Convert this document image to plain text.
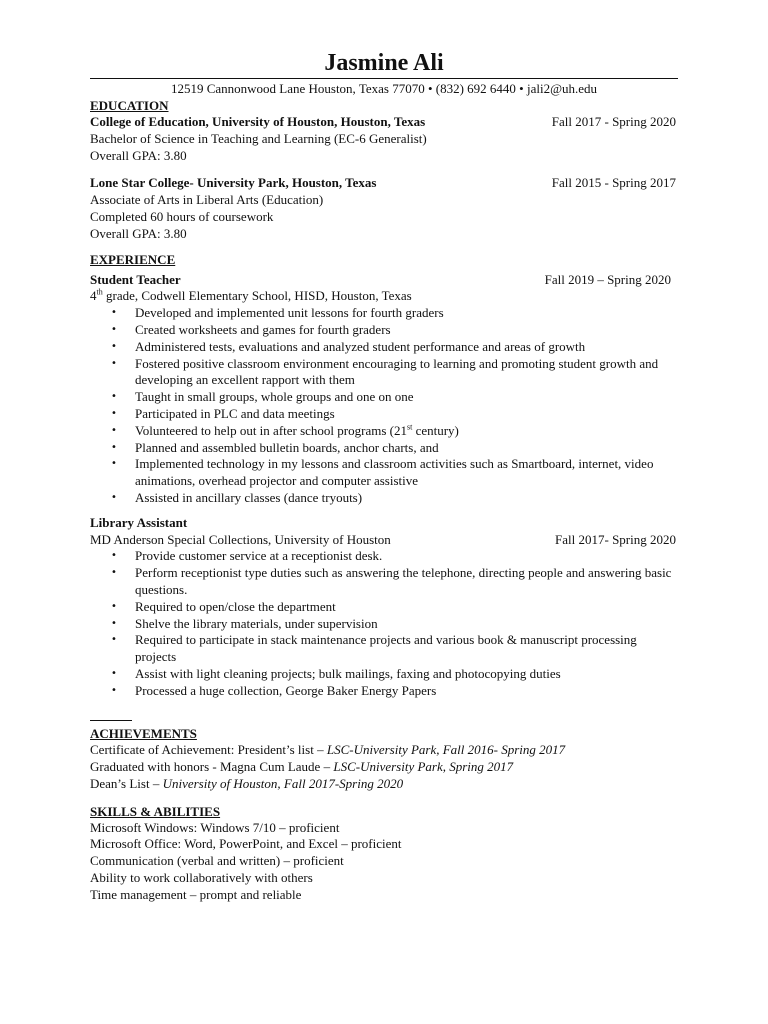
Jasmine Ali
12519 Cannonwood Lane Houston, Texas 77070 • (832) 692 6440 • jali2@uh.edu
EDUCATION
College of Education, University of Houston, Houston, Texas	Fall 2017 - Spring 2020
Bachelor of Science in Teaching and Learning (EC-6 Generalist)
Overall GPA: 3.80
Lone Star College- University Park, Houston, Texas	Fall 2015 - Spring 2017
Associate of Arts in Liberal Arts (Education)
Completed 60 hours of coursework
Overall GPA: 3.80
EXPERIENCE
Student Teacher	Fall 2019 – Spring 2020
4th grade, Codwell Elementary School, HISD, Houston, Texas
• Developed and implemented unit lessons for fourth graders
• Created worksheets and games for fourth graders
• Administered tests, evaluations and analyzed student performance and areas of growth
• Fostered positive classroom environment encouraging to learning and promoting student growth and developing an excellent rapport with them
• Taught in small groups, whole groups and one on one
• Participated in PLC and data meetings
• Volunteered to help out in after school programs (21st century)
• Planned and assembled bulletin boards, anchor charts, and
• Implemented technology in my lessons and classroom activities such as Smartboard, internet, video animations, overhead projector and computer assistive
• Assisted in ancillary classes (dance tryouts)
Library Assistant
MD Anderson Special Collections, University of Houston	Fall 2017- Spring 2020
• Provide customer service at a receptionist desk.
• Perform receptionist type duties such as answering the telephone, directing people and answering basic questions.
• Required to open/close the department
• Shelve the library materials, under supervision
• Required to participate in stack maintenance projects and various book & manuscript processing projects
• Assist with light cleaning projects; bulk mailings, faxing and photocopying duties
• Processed a huge collection, George Baker Energy Papers
ACHIEVEMENTS
Certificate of Achievement: President’s list – LSC-University Park, Fall 2016- Spring 2017
Graduated with honors - Magna Cum Laude – LSC-University Park, Spring 2017
Dean’s List – University of Houston, Fall 2017-Spring 2020
SKILLS & ABILITIES
Microsoft Windows: Windows 7/10 – proficient
Microsoft Office: Word, PowerPoint, and Excel – proficient
Communication (verbal and written) – proficient
Ability to work collaboratively with others
Time management – prompt and reliable
